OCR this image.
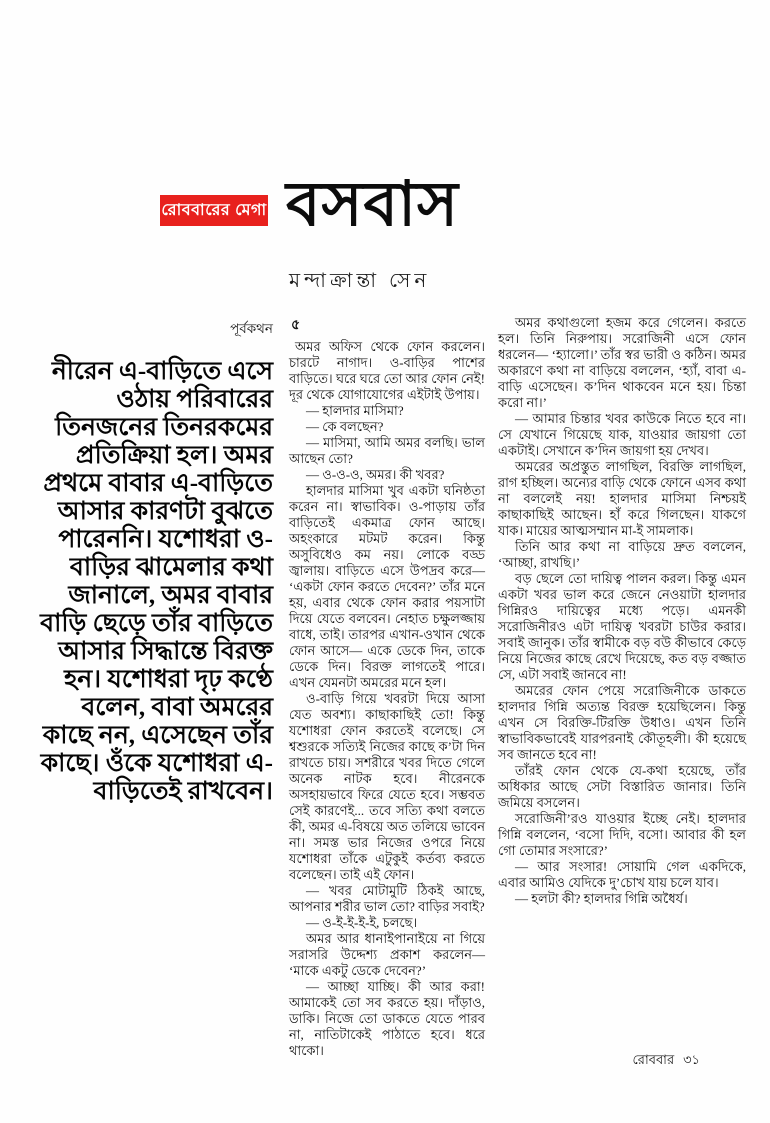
রোববারের মেগা বসবাস
মন্দাক্রান্তা সেন
পূর্বকথন
নীরেন এ-বাড়িতে এসে ওঠায় পরিবারের তিনজনের তিনরকমের প্রতিক্রিয়া হল। অমর প্রথমে বাবার এ-বাড়িতে আসার কারণটা বুঝতে পারেননি। যশোধরা ও-বাড়ির ঝামেলার কথা জানালে, অমর বাবার বাড়ি ছেড়ে তাঁর বাড়িতে আসার সিদ্ধান্তে বিরক্ত হন। যশোধরা দৃঢ় কণ্ঠে বলেন, বাবা অমরের কাছে নন, এসেছেন তাঁর কাছে। ওঁকে যশোধরা এ-বাড়িতেই রাখবেন।
৫

অমর অফিস থেকে ফোন করলেন। চারটে নাগাদ। ও-বাড়ির পাশের বাড়িতে। ঘরে ঘরে তো আর ফোন নেই! দূর থেকে যোগাযোগের এইটাই উপায়।

— হালদার মাসিমা?

— কে বলছেন?

— মাসিমা, আমি অমর বলছি। ভাল আছেন তো?

— ও-ও-ও, অমর। কী খবর?

হালদার মাসিমা খুব একটা ঘনিষ্ঠতা করেন না। স্বাভাবিক। ও-পাড়ায় তাঁর বাড়িতেই একমাত্র ফোন আছে। অহংকারে মটমট করেন। কিন্তু অসুবিধেও কম নয়। লোকে বড্ড জ্বালায়। বাড়িতে এসে উপদ্রব করে— ‘একটা ফোন করতে দেবেন?’ তাঁর মনে হয়, এবার থেকে ফোন করার পয়সাটা দিয়ে যেতে বলবেন। নেহাত চক্ষুলজ্জায় বাধে, তাই। তারপর এখান-ওখান থেকে ফোন আসে— একে ডেকে দিন, তাকে ডেকে দিন। বিরক্ত লাগতেই পারে। এখন যেমনটা অমরের মনে হল।

ও-বাড়ি গিয়ে খবরটা দিয়ে আসা যেত অবশ্য। কাছাকাছিই তো! কিন্তু যশোধরা ফোন করতেই বলেছে। সে শ্বশুরকে সত্যিই নিজের কাছে ক’টা দিন রাখতে চায়। সশরীরে খবর দিতে গেলে অনেক নাটক হবে। নীরেনকে অসহায়ভাবে ফিরে যেতে হবে। সম্ভবত সেই কারণেই... তবে সত্যি কথা বলতে কী, অমর এ-বিষয়ে অত তলিয়ে ভাবেন না। সমস্ত ভার নিজের ওপরে নিয়ে যশোধরা তাঁকে এটুকুই কর্তব্য করতে বলেছেন। তাই এই ফোন।

— খবর মোটামুটি ঠিকই আছে, আপনার শরীর ভাল তো? বাড়ির সবাই?

— ও-ই-ই-ই-ই, চলছে।

অমর আর ধানাইপানাইয়ে না গিয়ে সরাসরি উদ্দেশ্য প্রকাশ করলেন— ‘মাকে একটু ডেকে দেবেন?’

— আচ্ছা যাচ্ছি। কী আর করা! আমাকেই তো সব করতে হয়। দাঁড়াও, ডাকি। নিজে তো ডাকতে যেতে পারব না, নাতিটাকেই পাঠাতে হবে। ধরে থাকো।

অমর কথাগুলো হজম করে গেলেন। করতে হল। তিনি নিরুপায়। সরোজিনী এসে ফোন ধরলেন— ‘হ্যালো।’ তাঁর স্বর ভারী ও কঠিন। অমর অকারণে কথা না বাড়িয়ে বললেন, ‘হ্যাঁ, বাবা এ-বাড়ি এসেছেন। ক’দিন থাকবেন মনে হয়। চিন্তা করো না।’

— আমার চিন্তার খবর কাউকে নিতে হবে না। সে যেখানে গিয়েছে যাক, যাওয়ার জায়গা তো একটাই। সেখানে ক’দিন জায়গা হয় দেখব।

অমরের অপ্রস্তুত লাগছিল, বিরক্তি লাগছিল, রাগ হচ্ছিল। অন্যের বাড়ি থেকে ফোনে এসব কথা না বললেই নয়! হালদার মাসিমা নিশ্চয়ই কাছাকাছিই আছেন। হাঁ করে গিলছেন। যাকগে যাক। মায়ের আত্মসম্মান মা-ই সামলাক।

তিনি আর কথা না বাড়িয়ে দ্রুত বললেন, ‘আচ্ছা, রাখছি।’

বড় ছেলে তো দায়িত্ব পালন করল। কিন্তু এমন একটা খবর ভাল করে জেনে নেওয়াটা হালদার গিন্নিরও দায়িত্বের মধ্যে পড়ে। এমনকী সরোজিনীরও এটা দায়িত্ব খবরটা চাউর করার। সবাই জানুক। তাঁর স্বামীকে বড় বউ কীভাবে কেড়ে নিয়ে নিজের কাছে রেখে দিয়েছে, কত বড় বজ্জাত সে, এটা সবাই জানবে না!

অমরের ফোন পেয়ে সরোজিনীকে ডাকতে হালদার গিন্নি অত্যন্ত বিরক্ত হয়েছিলেন। কিন্তু এখন সে বিরক্তি-টিরক্তি উধাও। এখন তিনি স্বাভাবিকভাবেই যারপরনাই কৌতূহলী। কী হয়েছে সব জানতে হবে না!

তাঁরই ফোন থেকে যে-কথা হয়েছে, তাঁর অধিকার আছে সেটা বিস্তারিত জানার। তিনি জমিয়ে বসলেন।

সরোজিনী’রও যাওয়ার ইচ্ছে নেই। হালদার গিন্নি বললেন, ‘বসো দিদি, বসো। আবার কী হল গো তোমার সংসারে?’

— আর সংসার! সোয়ামি গেল একদিকে, এবার আমিও যেদিকে দু’চোখ যায় চলে যাব।

— হলটা কী? হালদার গিন্নি অধৈর্য।

রোববার ৩১
